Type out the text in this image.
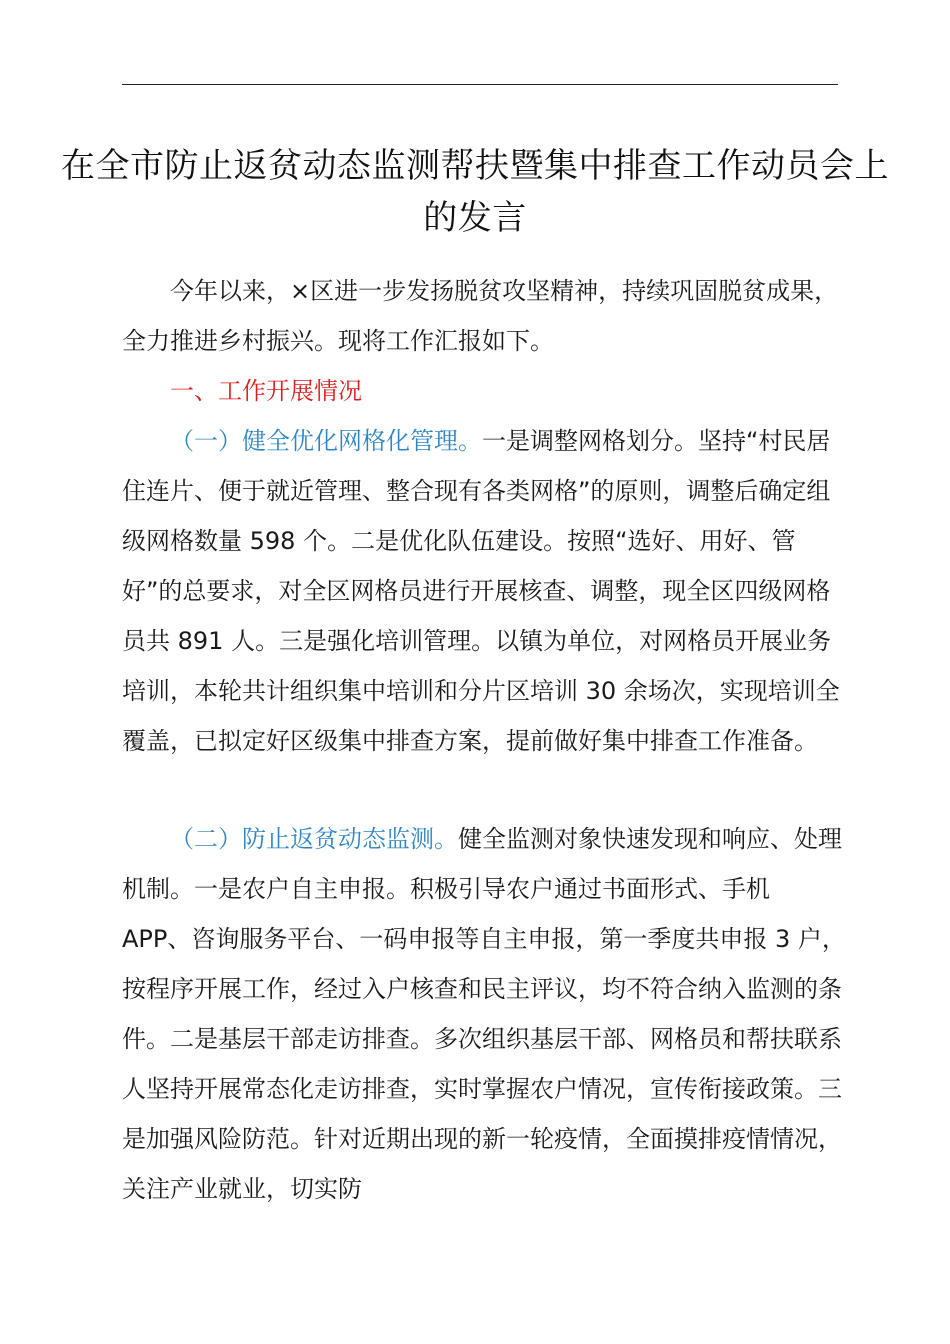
在全市防止返贫动态监测帮扶暨集中排查工作动员会上的发言
今年以来，×区进一步发扬脱贫攻坚精神，持续巩固脱贫成果，全力推进乡村振兴。现将工作汇报如下。
一、工作开展情况
（一）健全优化网格化管理。一是调整网格划分。坚持“村民居住连片、便于就近管理、整合现有各类网格”的原则，调整后确定组级网格数量 598 个。二是优化队伍建设。按照“选好、用好、管好”的总要求，对全区网格员进行开展核查、调整，现全区四级网格员共 891 人。三是强化培训管理。以镇为单位，对网格员开展业务培训，本轮共计组织集中培训和分片区培训 30 余场次，实现培训全覆盖，已拟定好区级集中排查方案，提前做好集中排查工作准备。
（二）防止返贫动态监测。健全监测对象快速发现和响应、处理机制。一是农户自主申报。积极引导农户通过书面形式、手机 APP、咨询服务平台、一码申报等自主申报，第一季度共申报 3 户，按程序开展工作，经过入户核查和民主评议，均不符合纳入监测的条件。二是基层干部走访排查。多次组织基层干部、网格员和帮扶联系人坚持开展常态化走访排查，实时掌握农户情况，宣传衔接政策。三是加强风险防范。针对近期出现的新一轮疫情，全面摸排疫情情况，关注产业就业，切实防
